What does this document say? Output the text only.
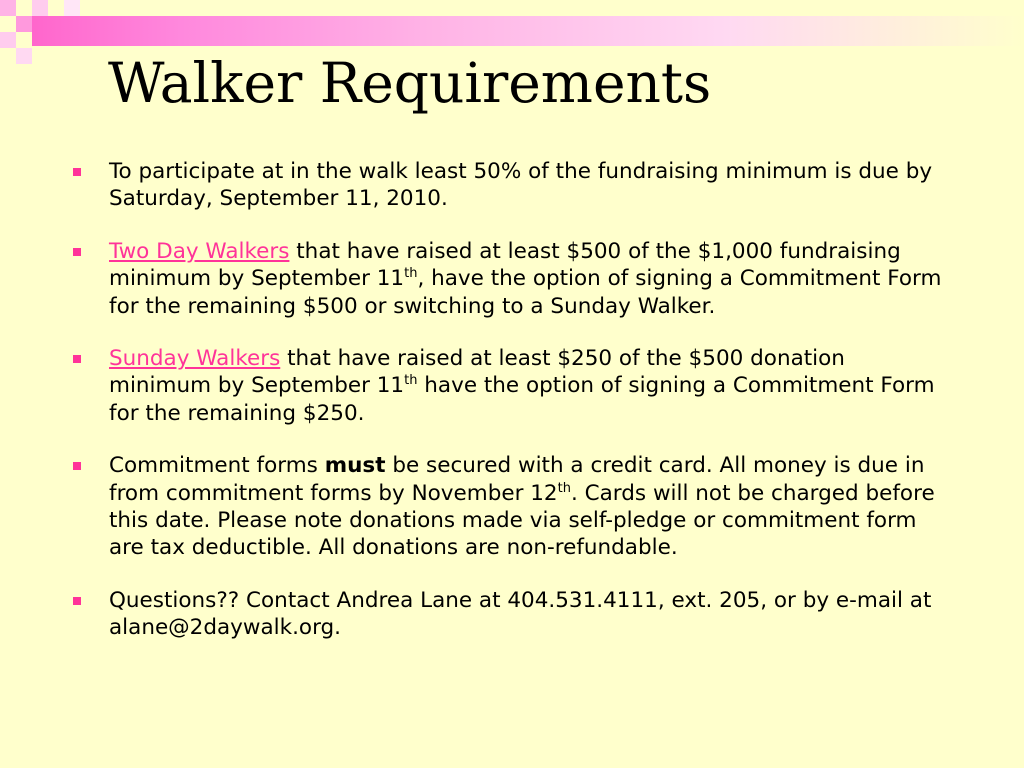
Walker Requirements
To participate at in the walk least 50% of the fundraising minimum is due by Saturday, September 11, 2010.
Two Day Walkers that have raised at least $500 of the $1,000 fundraising minimum by September 11th, have the option of signing a Commitment Form for the remaining $500 or switching to a Sunday Walker.
Sunday Walkers that have raised at least $250 of the $500 donation minimum by September 11th have the option of signing a Commitment Form for the remaining $250.
Commitment forms must be secured with a credit card. All money is due in from commitment forms by November 12th. Cards will not be charged before this date. Please note donations made via self-pledge or commitment form are tax deductible. All donations are non-refundable.
Questions?? Contact Andrea Lane at 404.531.4111, ext. 205, or by e-mail at alane@2daywalk.org.
